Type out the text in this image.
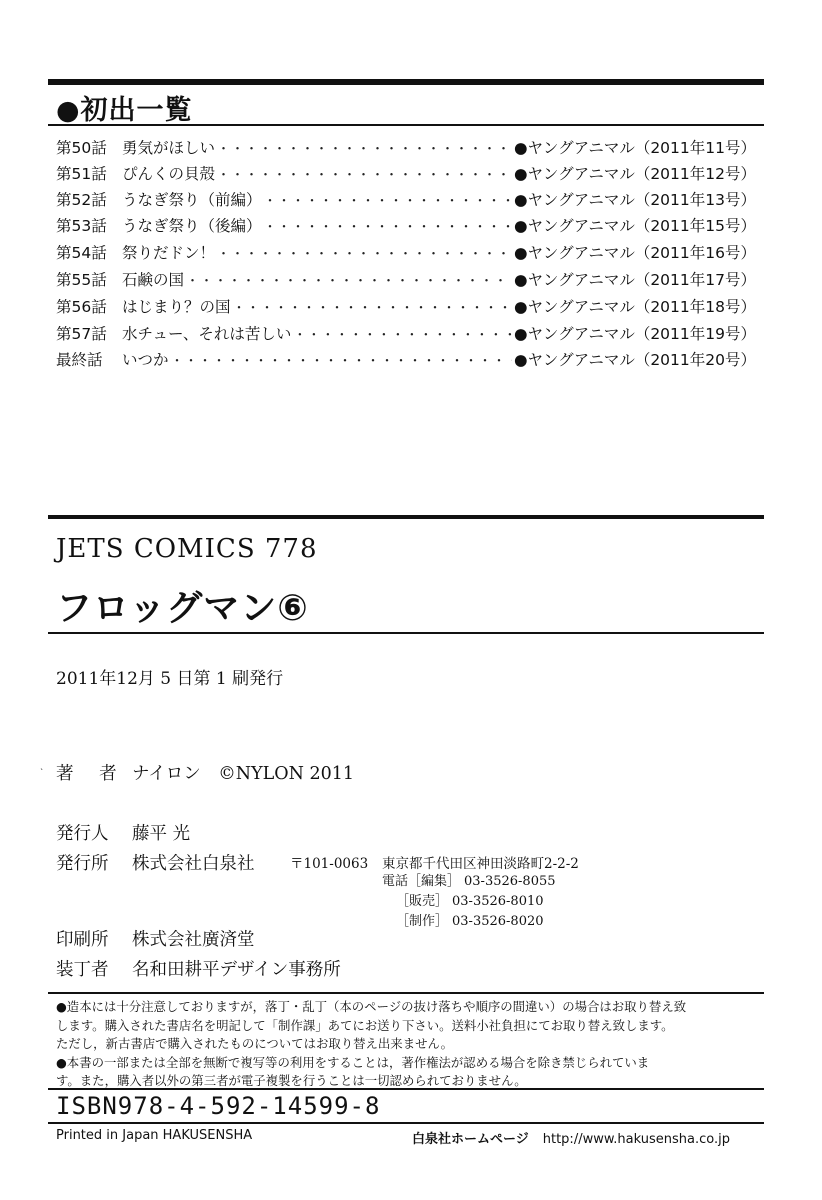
●初出一覧
第50話 勇気がほしい ・・・・・・・・・・・・・・・・・・・・・・・・・・・・・・・・・・・・・・・・・・・・・・・・・・・・・・・・・・・・・・・・・・・・・・・・・・・・・・・・・・・・・・・・・・・・・・・・	●ヤングアニマル（2011年11号）
第51話 ぴんくの貝殻 ・・・・・・・・・・・・・・・・・・・・・・・・・・・・・・・・・・・・・・・・・・・・・・・・・・・・・・・・・・・・・・・・・・・・・・・・・・・・・・・・・・・・・・・・・・・・・・・・	●ヤングアニマル（2011年12号）
第52話 うなぎ祭り（前編） ・・・・・・・・・・・・・・・・・・・・・・・・・・・・・・・・・・・・・・・・・・・・・・・・・・・・・・・・・・・・・・・・・・・・・・・・・・・・・・・・・・・・・・・・・・・・・・・・	●ヤングアニマル（2011年13号）
第53話 うなぎ祭り（後編） ・・・・・・・・・・・・・・・・・・・・・・・・・・・・・・・・・・・・・・・・・・・・・・・・・・・・・・・・・・・・・・・・・・・・・・・・・・・・・・・・・・・・・・・・・・・・・・・・	●ヤングアニマル（2011年15号）
第54話 祭りだドン！ ・・・・・・・・・・・・・・・・・・・・・・・・・・・・・・・・・・・・・・・・・・・・・・・・・・・・・・・・・・・・・・・・・・・・・・・・・・・・・・・・・・・・・・・・・・・・・・・・	●ヤングアニマル（2011年16号）
第55話 石鹸の国 ・・・・・・・・・・・・・・・・・・・・・・・・・・・・・・・・・・・・・・・・・・・・・・・・・・・・・・・・・・・・・・・・・・・・・・・・・・・・・・・・・・・・・・・・・・・・・・・・	●ヤングアニマル（2011年17号）
第56話 はじまり？の国 ・・・・・・・・・・・・・・・・・・・・・・・・・・・・・・・・・・・・・・・・・・・・・・・・・・・・・・・・・・・・・・・・・・・・・・・・・・・・・・・・・・・・・・・・・・・・・・・・	●ヤングアニマル（2011年18号）
第57話 水チュー、それは苦しい ・・・・・・・・・・・・・・・・・・・・・・・・・・・・・・・・・・・・・・・・・・・・・・・・・・・・・・・・・・・・・・・・・・・・・・・・・・・・・・・・・・・・・・・・・・・・・・・・	●ヤングアニマル（2011年19号）
最終話	いつか ・・・・・・・・・・・・・・・・・・・・・・・・・・・・・・・・・・・・・・・・・・・・・・・・・・・・・・・・・・・・・・・・・・・・・・・・・・・・・・・・・・・・・・・・・・・・・・・・	●ヤングアニマル（2011年20号）
JETS COMICS 778
フロッグマン⑥
2011年12月 5 日第 1 刷発行
` 著 者 ナイロン　©NYLON 2011
発行人	藤平 光
発行所	株式会社白泉社	〒101-0063 東京都千代田区神田淡路町2-2-2
電話［編集］ 03-3526-8055
［販売］ 03-3526-8010
［制作］ 03-3526-8020
印刷所	株式会社廣済堂
装丁者	名和田耕平デザイン事務所
●造本には十分注意しておりますが，落丁・乱丁（本のページの抜け落ちや順序の間違い）の場合はお取り替え致
します。購入された書店名を明記して「制作課」あてにお送り下さい。送料小社負担にてお取り替え致します。
ただし，新古書店で購入されたものについてはお取り替え出来ません。
●本書の一部または全部を無断で複写等の利用をすることは，著作権法が認める場合を除き禁じられていま
す。また，購入者以外の第三者が電子複製を行うことは一切認められておりません。
ISBN978-4-592-14599-8
Printed in Japan HAKUSENSHA	白泉社ホームページ http://www.hakusensha.co.jp
